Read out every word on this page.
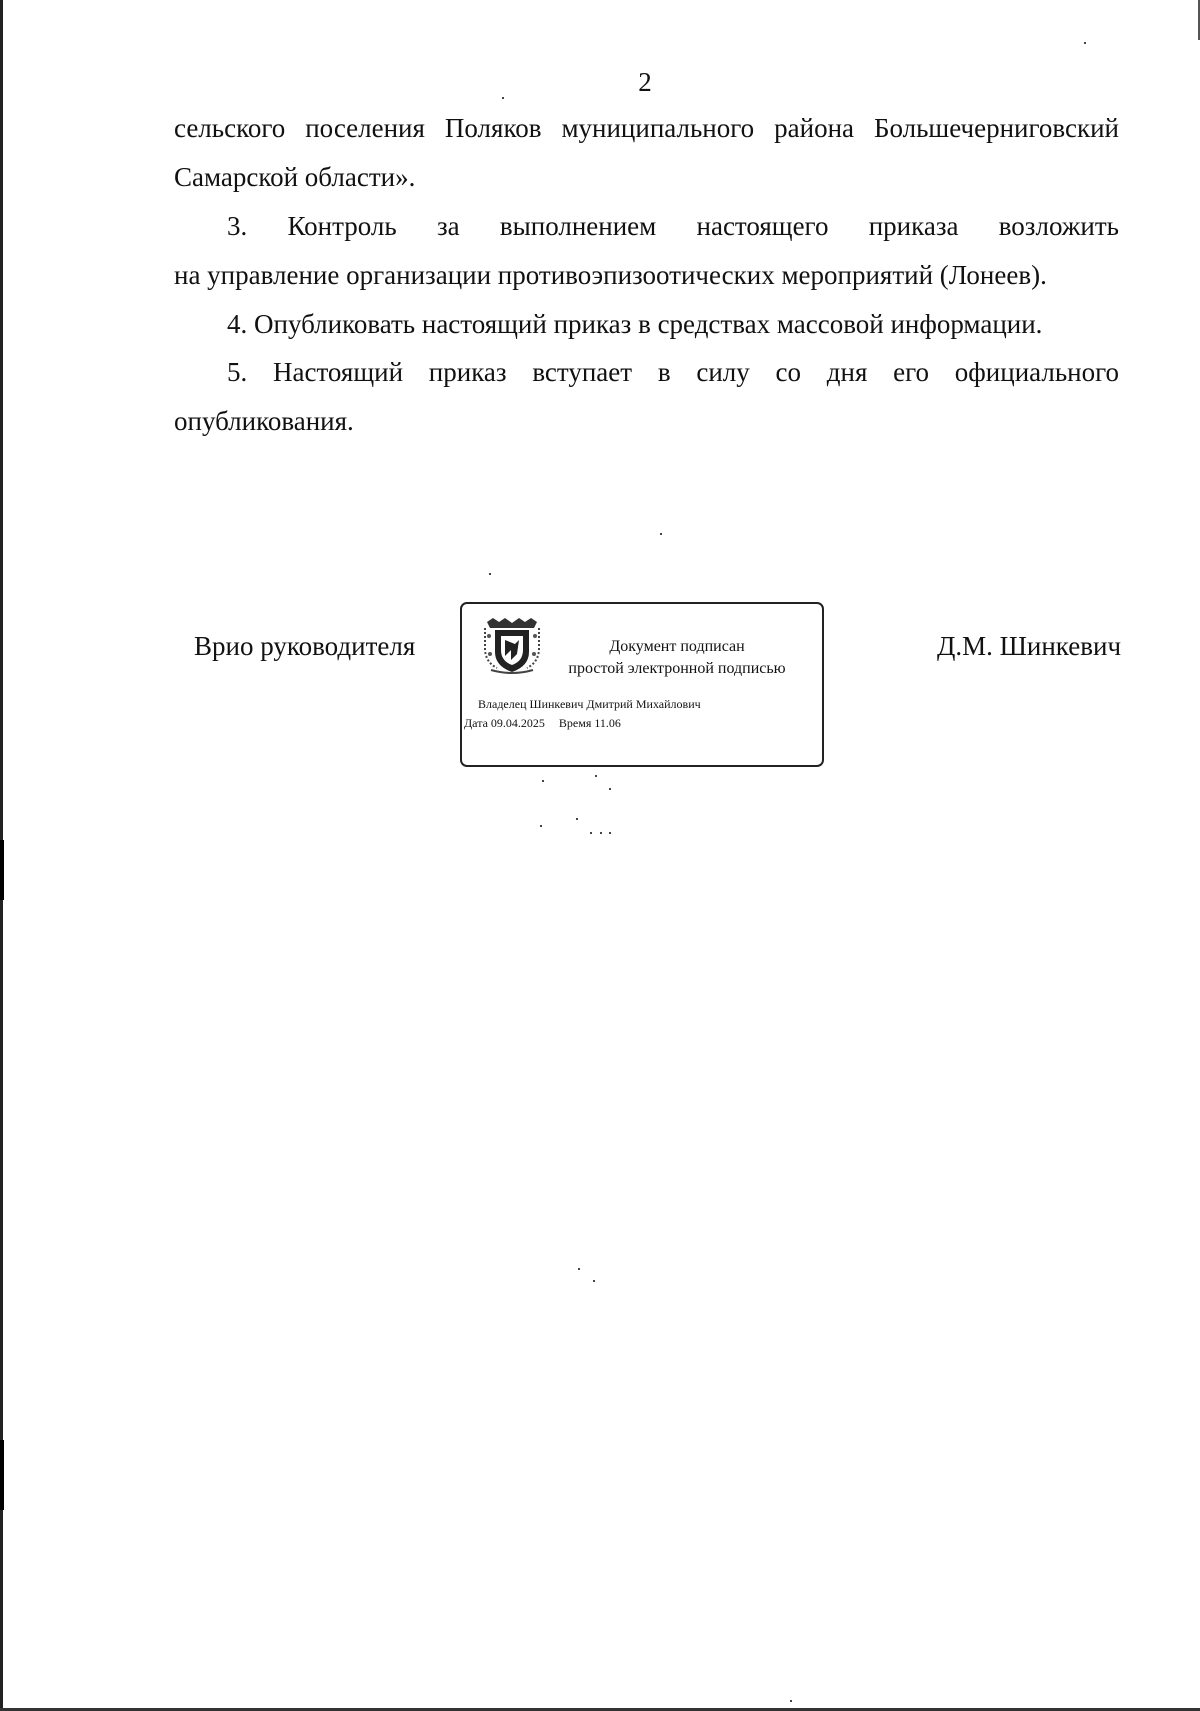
2

сельского поселения Поляков муниципального района Большечерниговский

Самарской области».

3. Контроль за выполнением настоящего приказа возложить

на управление организации противоэпизоотических мероприятий (Лонеев).

4. Опубликовать настоящий приказ в средствах массовой информации.

5. Настоящий приказ вступает в силу со дня его официального

опубликования.

Врио руководителя	Документ подписан
простой электронной подписью
Владелец Шинкевич Дмитрий Михайлович
Дата 09.04.2025 Время 11.06
Д.М. Шинкевич
